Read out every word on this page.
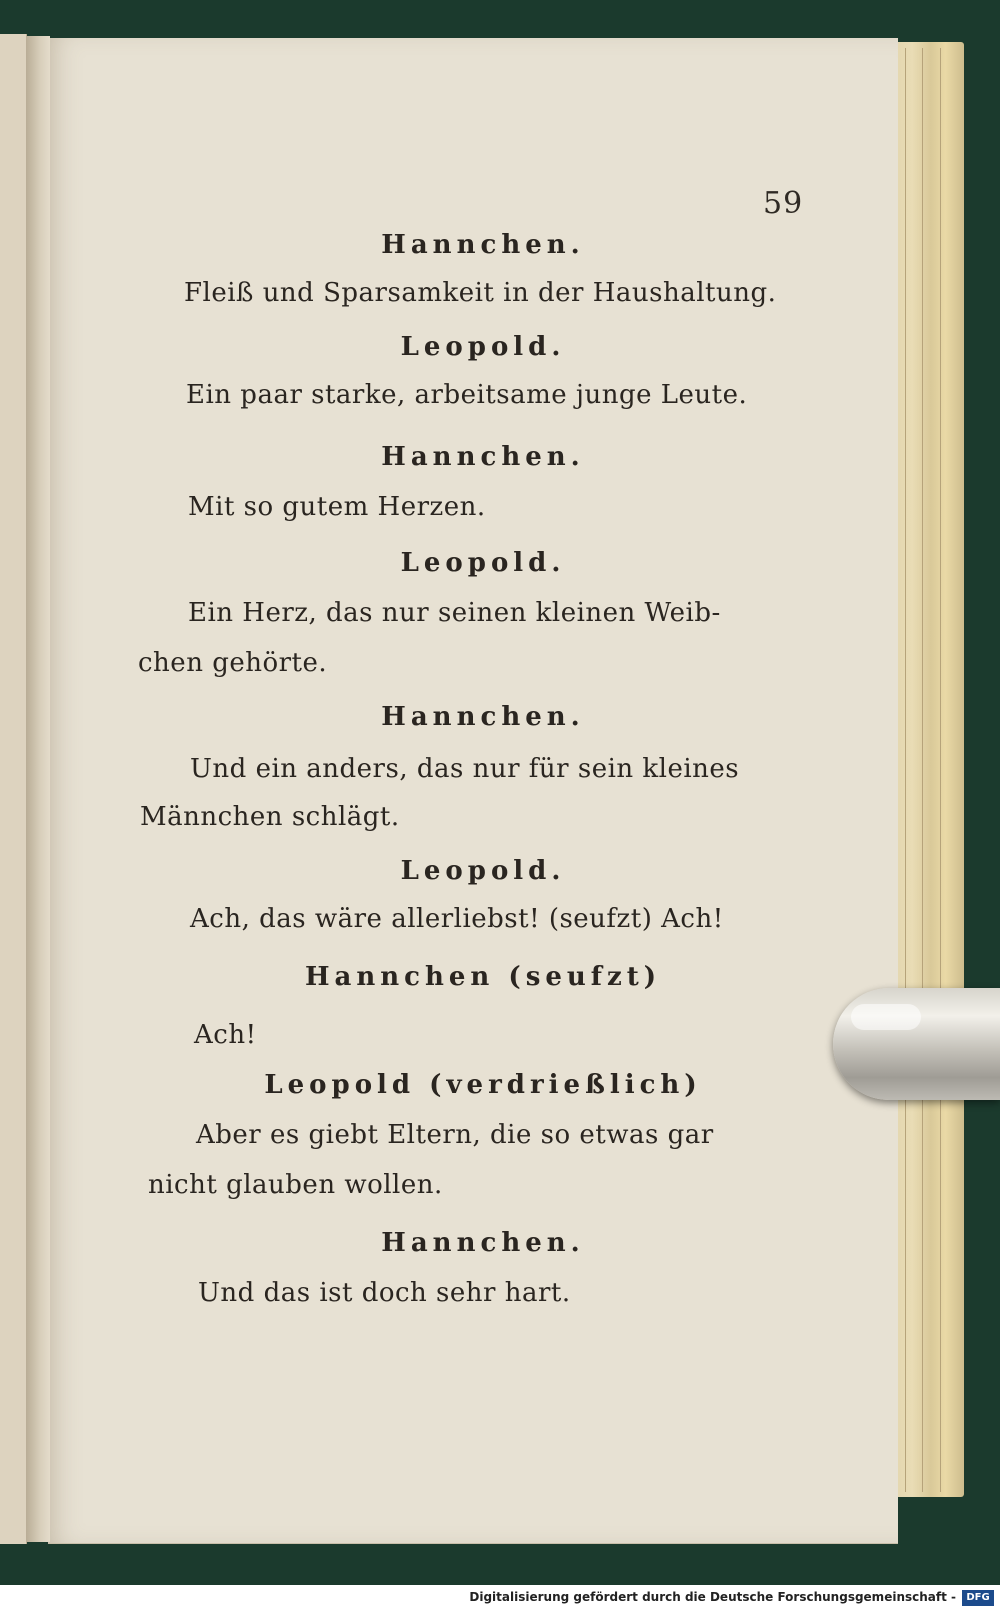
59
Hannchen.
Fleiß und Sparsamkeit in der Haushaltung.
Leopold.
Ein paar starke, arbeitsame junge Leute.
Hannchen.
Mit so gutem Herzen.
Leopold.
Ein Herz, das nur seinen kleinen Weib-
chen gehörte.
Hannchen.
Und ein anders, das nur für sein kleines
Männchen schlägt.
Leopold.
Ach, das wäre allerliebst! (seufzt) Ach!
Hannchen (seufzt)
Ach!
Leopold (verdrießlich)
Aber es giebt Eltern, die so etwas gar
nicht glauben wollen.
Hannchen.
Und das ist doch sehr hart.
Digitalisierung gefördert durch die Deutsche Forschungsgemeinschaft -	DFG
